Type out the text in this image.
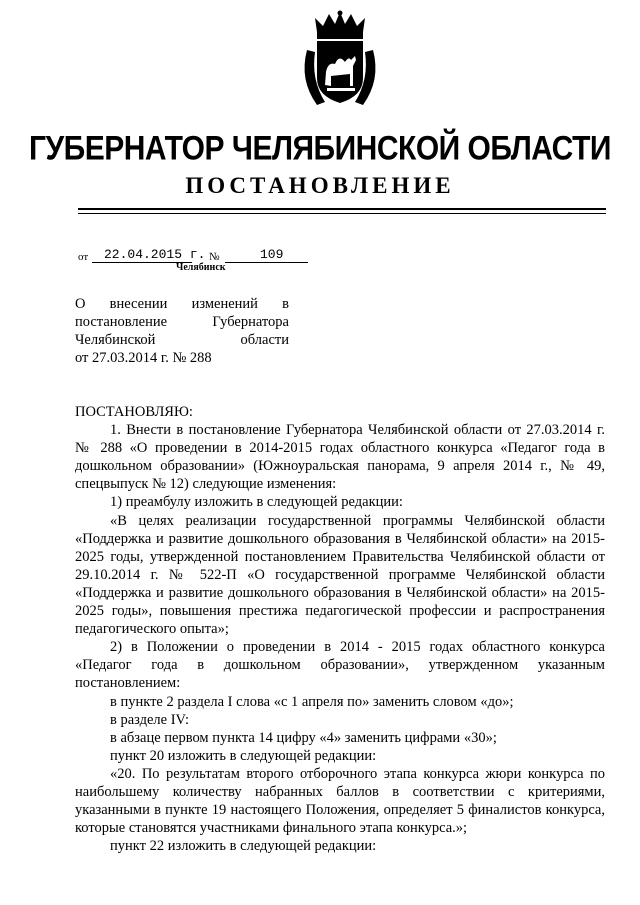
ГУБЕРНАТОР ЧЕЛЯБИНСКОЙ ОБЛАСТИ
ПОСТАНОВЛЕНИЕ
от 22.04.2015 г. №	109
Челябинск
О внесении изменений в
постановление	Губернатора
Челябинской	области
от 27.03.2014 г. № 288
ПОСТАНОВЛЯЮ:
1. Внести в постановление Губернатора Челябинской области от 27.03.2014 г. № 288 «О проведении в 2014-2015 годах областного конкурса «Педагог года в дошкольном образовании» (Южноуральская панорама, 9 апреля 2014 г., № 49, спецвыпуск № 12) следующие изменения:
1) преамбулу изложить в следующей редакции:
«В целях реализации государственной программы Челябинской области «Поддержка и развитие дошкольного образования в Челябинской области» на 2015-2025 годы, утвержденной постановлением Правительства Челябинской области от 29.10.2014 г. № 522-П «О государственной программе Челябинской области «Поддержка и развитие дошкольного образования в Челябинской области» на 2015-2025 годы», повышения престижа педагогической профессии и распространения педагогического опыта»;
2) в Положении о проведении в 2014 - 2015 годах областного конкурса «Педагог года в дошкольном образовании», утвержденном указанным постановлением:
в пункте 2 раздела I слова «с 1 апреля по» заменить словом «до»;
в разделе IV:
в абзаце первом пункта 14 цифру «4» заменить цифрами «30»;
пункт 20 изложить в следующей редакции:
«20. По результатам второго отборочного этапа конкурса жюри конкурса по наибольшему количеству набранных баллов в соответствии с критериями, указанными в пункте 19 настоящего Положения, определяет 5 финалистов конкурса, которые становятся участниками финального этапа конкурса.»;
пункт 22 изложить в следующей редакции:
